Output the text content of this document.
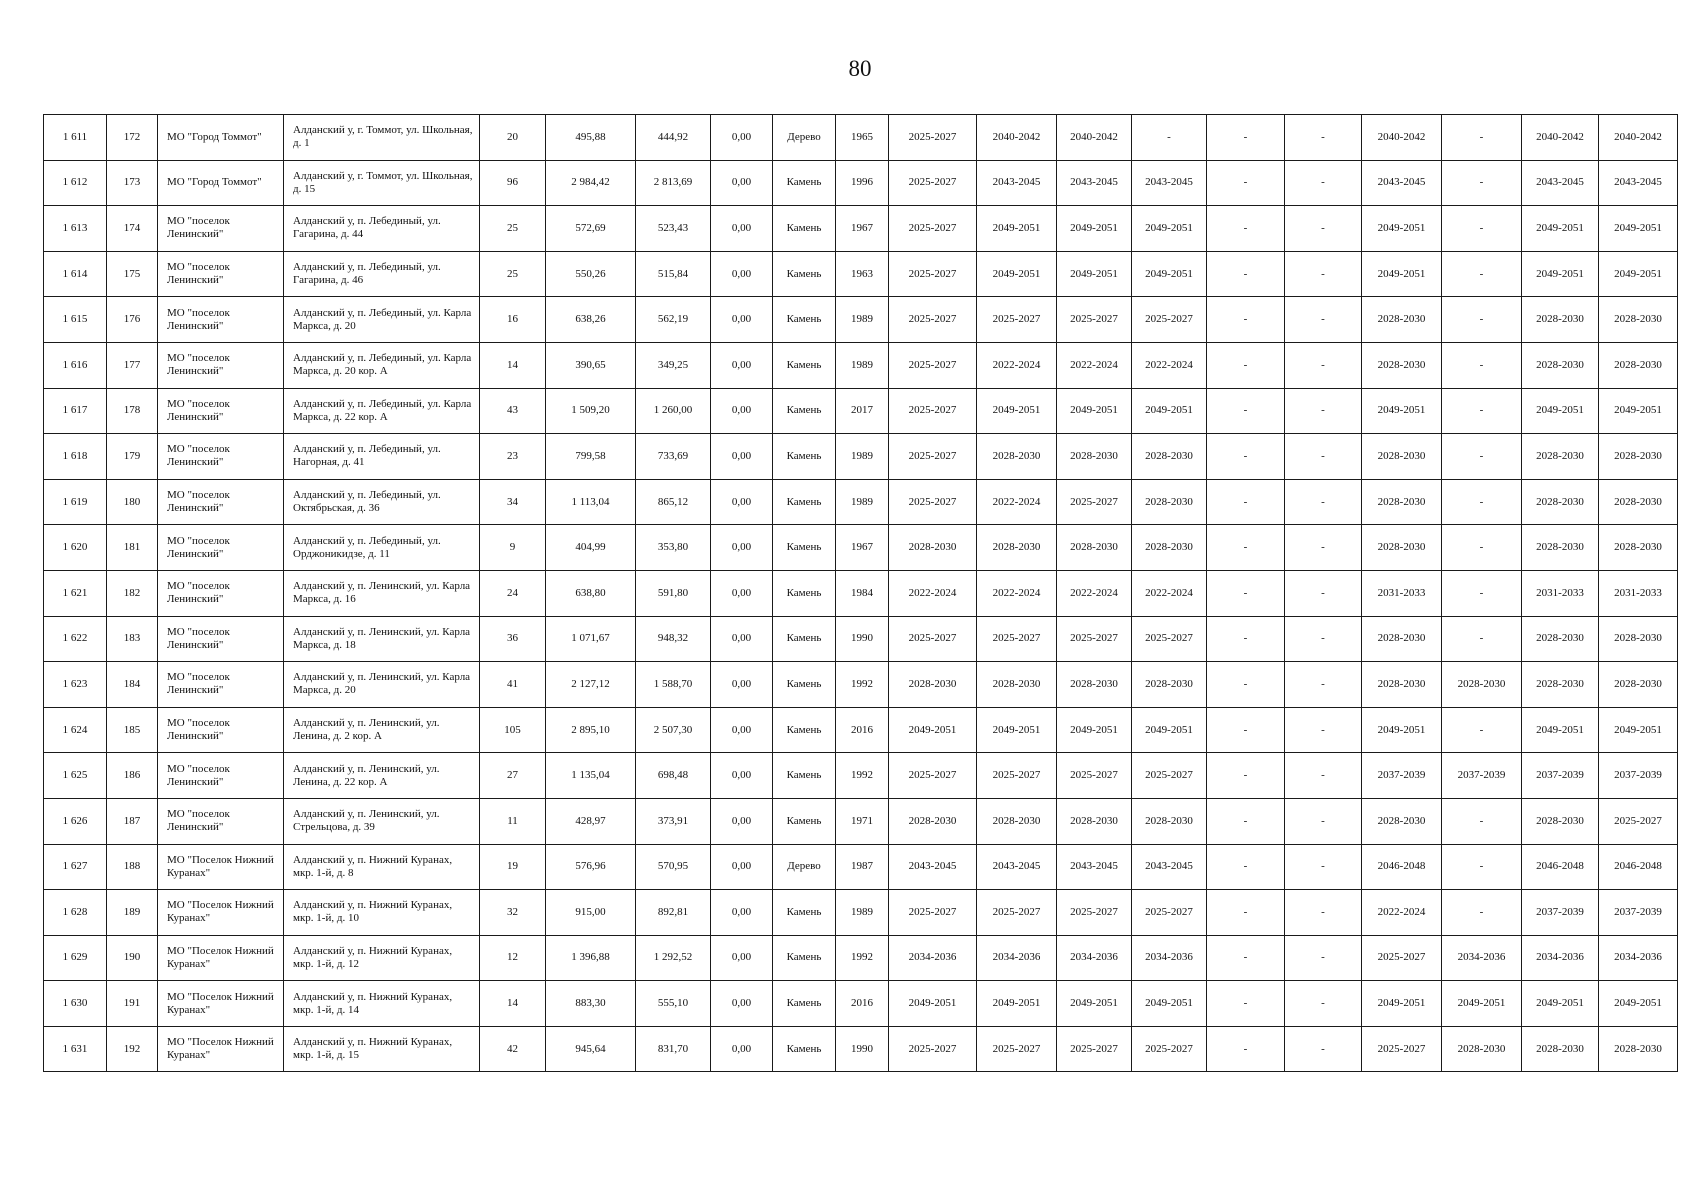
80
1 611	172	МО "Город Томмот"	Алданский у, г. Томмот, ул. Школьная, д. 1	20	495,88	444,92	0,00	Дерево	1965	2025-2027	2040-2042	2040-2042	-	-	-	2040-2042	-	2040-2042	2040-2042
1 612	173	МО "Город Томмот"	Алданский у, г. Томмот, ул. Школьная, д. 15	96	2 984,42	2 813,69	0,00	Камень	1996	2025-2027	2043-2045	2043-2045	2043-2045	-	-	2043-2045	-	2043-2045	2043-2045
1 613	174	МО "поселок Ленинский"	Алданский у, п. Лебединый, ул. Гагарина, д. 44	25	572,69	523,43	0,00	Камень	1967	2025-2027	2049-2051	2049-2051	2049-2051	-	-	2049-2051	-	2049-2051	2049-2051
1 614	175	МО "поселок Ленинский"	Алданский у, п. Лебединый, ул. Гагарина, д. 46	25	550,26	515,84	0,00	Камень	1963	2025-2027	2049-2051	2049-2051	2049-2051	-	-	2049-2051	-	2049-2051	2049-2051
1 615	176	МО "поселок Ленинский"	Алданский у, п. Лебединый, ул. Карла Маркса, д. 20	16	638,26	562,19	0,00	Камень	1989	2025-2027	2025-2027	2025-2027	2025-2027	-	-	2028-2030	-	2028-2030	2028-2030
1 616	177	МО "поселок Ленинский"	Алданский у, п. Лебединый, ул. Карла Маркса, д. 20 кор. А	14	390,65	349,25	0,00	Камень	1989	2025-2027	2022-2024	2022-2024	2022-2024	-	-	2028-2030	-	2028-2030	2028-2030
1 617	178	МО "поселок Ленинский"	Алданский у, п. Лебединый, ул. Карла Маркса, д. 22 кор. А	43	1 509,20	1 260,00	0,00	Камень	2017	2025-2027	2049-2051	2049-2051	2049-2051	-	-	2049-2051	-	2049-2051	2049-2051
1 618	179	МО "поселок Ленинский"	Алданский у, п. Лебединый, ул. Нагорная, д. 41	23	799,58	733,69	0,00	Камень	1989	2025-2027	2028-2030	2028-2030	2028-2030	-	-	2028-2030	-	2028-2030	2028-2030
1 619	180	МО "поселок Ленинский"	Алданский у, п. Лебединый, ул. Октябрьская, д. 36	34	1 113,04	865,12	0,00	Камень	1989	2025-2027	2022-2024	2025-2027	2028-2030	-	-	2028-2030	-	2028-2030	2028-2030
1 620	181	МО "поселок Ленинский"	Алданский у, п. Лебединый, ул. Орджоникидзе, д. 11	9	404,99	353,80	0,00	Камень	1967	2028-2030	2028-2030	2028-2030	2028-2030	-	-	2028-2030	-	2028-2030	2028-2030
1 621	182	МО "поселок Ленинский"	Алданский у, п. Ленинский, ул. Карла Маркса, д. 16	24	638,80	591,80	0,00	Камень	1984	2022-2024	2022-2024	2022-2024	2022-2024	-	-	2031-2033	-	2031-2033	2031-2033
1 622	183	МО "поселок Ленинский"	Алданский у, п. Ленинский, ул. Карла Маркса, д. 18	36	1 071,67	948,32	0,00	Камень	1990	2025-2027	2025-2027	2025-2027	2025-2027	-	-	2028-2030	-	2028-2030	2028-2030
1 623	184	МО "поселок Ленинский"	Алданский у, п. Ленинский, ул. Карла Маркса, д. 20	41	2 127,12	1 588,70	0,00	Камень	1992	2028-2030	2028-2030	2028-2030	2028-2030	-	-	2028-2030	2028-2030	2028-2030	2028-2030
1 624	185	МО "поселок Ленинский"	Алданский у, п. Ленинский, ул. Ленина, д. 2 кор. А	105	2 895,10	2 507,30	0,00	Камень	2016	2049-2051	2049-2051	2049-2051	2049-2051	-	-	2049-2051	-	2049-2051	2049-2051
1 625	186	МО "поселок Ленинский"	Алданский у, п. Ленинский, ул. Ленина, д. 22 кор. А	27	1 135,04	698,48	0,00	Камень	1992	2025-2027	2025-2027	2025-2027	2025-2027	-	-	2037-2039	2037-2039	2037-2039	2037-2039
1 626	187	МО "поселок Ленинский"	Алданский у, п. Ленинский, ул. Стрельцова, д. 39	11	428,97	373,91	0,00	Камень	1971	2028-2030	2028-2030	2028-2030	2028-2030	-	-	2028-2030	-	2028-2030	2025-2027
1 627	188	МО "Поселок Нижний Куранах"	Алданский у, п. Нижний Куранах, мкр. 1-й, д. 8	19	576,96	570,95	0,00	Дерево	1987	2043-2045	2043-2045	2043-2045	2043-2045	-	-	2046-2048	-	2046-2048	2046-2048
1 628	189	МО "Поселок Нижний Куранах"	Алданский у, п. Нижний Куранах, мкр. 1-й, д. 10	32	915,00	892,81	0,00	Камень	1989	2025-2027	2025-2027	2025-2027	2025-2027	-	-	2022-2024	-	2037-2039	2037-2039
1 629	190	МО "Поселок Нижний Куранах"	Алданский у, п. Нижний Куранах, мкр. 1-й, д. 12	12	1 396,88	1 292,52	0,00	Камень	1992	2034-2036	2034-2036	2034-2036	2034-2036	-	-	2025-2027	2034-2036	2034-2036	2034-2036
1 630	191	МО "Поселок Нижний Куранах"	Алданский у, п. Нижний Куранах, мкр. 1-й, д. 14	14	883,30	555,10	0,00	Камень	2016	2049-2051	2049-2051	2049-2051	2049-2051	-	-	2049-2051	2049-2051	2049-2051	2049-2051
1 631	192	МО "Поселок Нижний Куранах"	Алданский у, п. Нижний Куранах, мкр. 1-й, д. 15	42	945,64	831,70	0,00	Камень	1990	2025-2027	2025-2027	2025-2027	2025-2027	-	-	2025-2027	2028-2030	2028-2030	2028-2030
